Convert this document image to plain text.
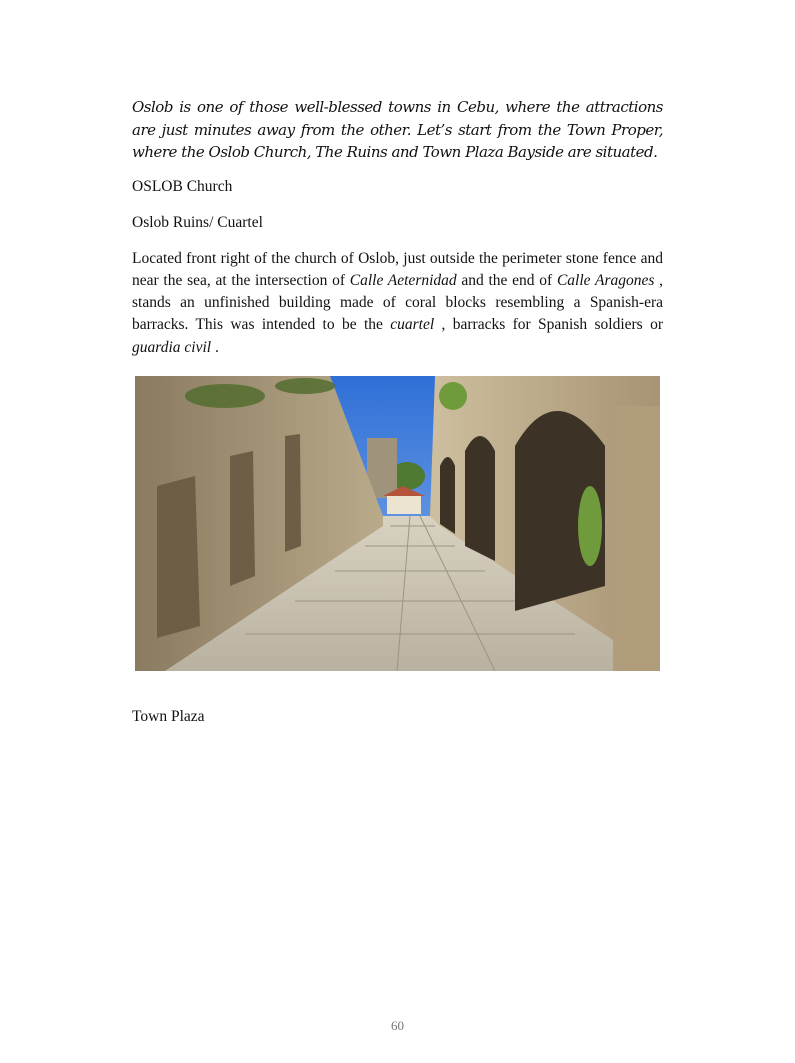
Oslob is one of those well-blessed towns in Cebu, where the attractions are just minutes away from the other. Let’s start from the Town Proper, where the Oslob Church, The Ruins and Town Plaza Bayside are situated.

OSLOB Church

Oslob Ruins/ Cuartel

Located front right of the church of Oslob, just outside the perimeter stone fence and near the sea, at the intersection of Calle Aeternidad and the end of Calle Aragones , stands an unfinished building made of coral blocks resembling a Spanish-era barracks. This was intended to be the cuartel , barracks for Spanish soldiers or guardia civil .

Town Plaza

60
